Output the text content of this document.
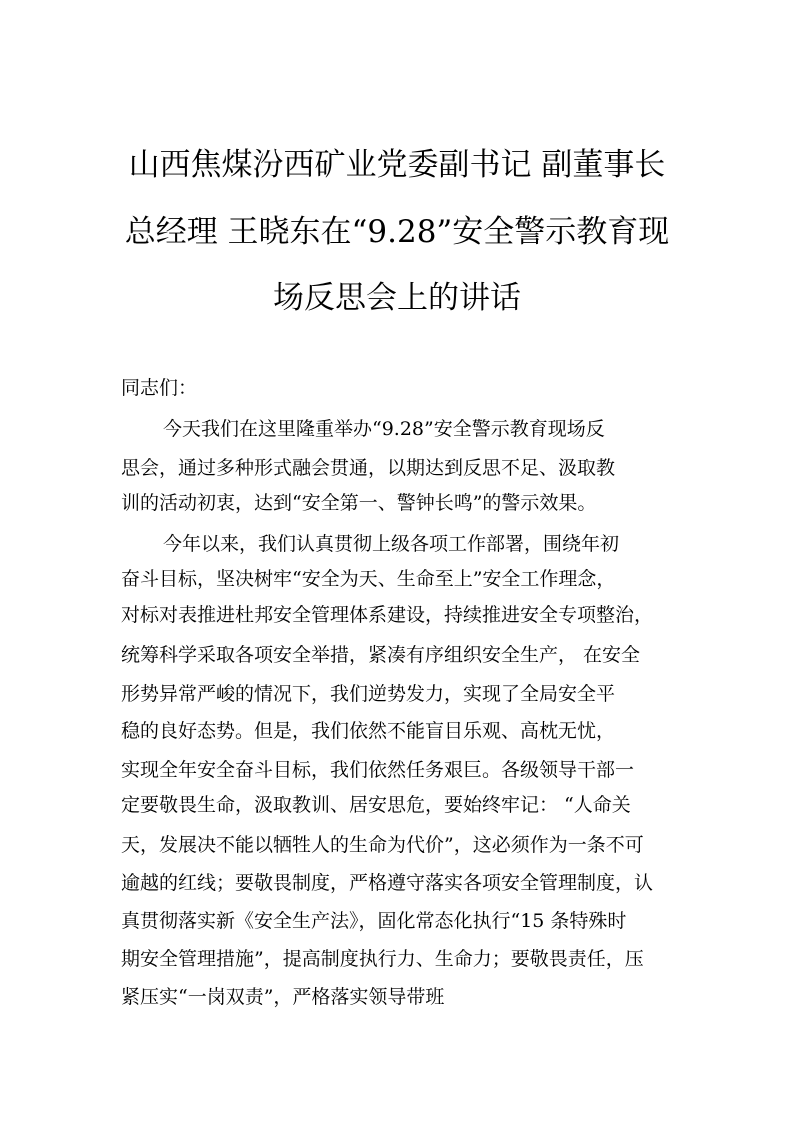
山西焦煤汾西矿业党委副书记 副董事长
总经理 王晓东在“9.28”安全警示教育现
场反思会上的讲话
同志们：
今天我们在这里隆重举办“9.28”安全警示教育现场反
思会，通过多种形式融会贯通，以期达到反思不足、汲取教
训的活动初衷，达到“安全第一、警钟长鸣”的警示效果。
今年以来，我们认真贯彻上级各项工作部署，围绕年初
奋斗目标，坚决树牢“安全为天、生命至上”安全工作理念，
对标对表推进杜邦安全管理体系建设，持续推进安全专项整治，
统筹科学采取各项安全举措，紧凑有序组织安全生产， 在安全
形势异常严峻的情况下，我们逆势发力，实现了全局安全平
稳的良好态势。但是，我们依然不能盲目乐观、高枕无忧，
实现全年安全奋斗目标，我们依然任务艰巨。各级领导干部一
定要敬畏生命，汲取教训、居安思危，要始终牢记： “人命关
天，发展决不能以牺牲人的生命为代价”，这必须作为一条不可
逾越的红线；要敬畏制度，严格遵守落实各项安全管理制度，认
真贯彻落实新《安全生产法》，固化常态化执行“15 条特殊时
期安全管理措施”，提高制度执行力、生命力；要敬畏责任，压
紧压实“一岗双责”，严格落实领导带班
